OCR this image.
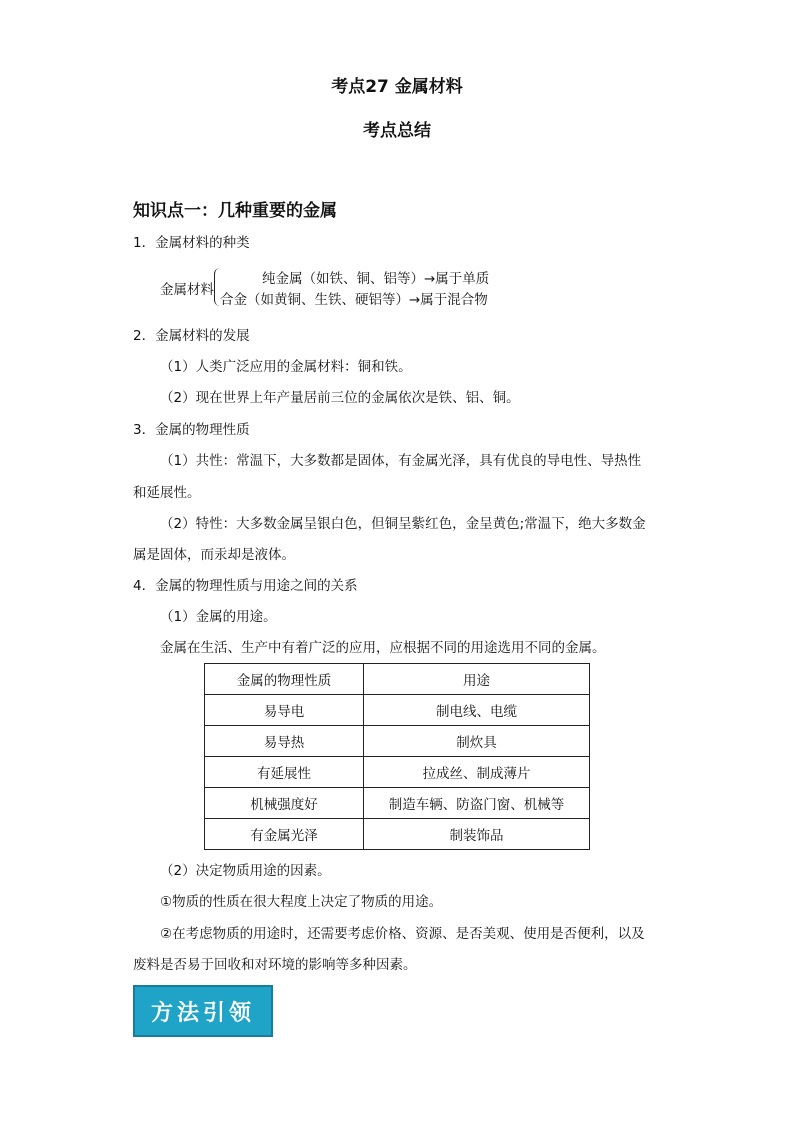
考点27 金属材料
考点总结
知识点一：几种重要的金属
1．金属材料的种类
金属材料
纯金属（如铁、铜、铝等）→属于单质
合金（如黄铜、生铁、硬铝等）→属于混合物
2．金属材料的发展
（1）人类广泛应用的金属材料：铜和铁。
（2）现在世界上年产量居前三位的金属依次是铁、铝、铜。
3．金属的物理性质
（1）共性：常温下，大多数都是固体，有金属光泽，具有优良的导电性、导热性
和延展性。
（2）特性：大多数金属呈银白色，但铜呈紫红色，金呈黄色;常温下，绝大多数金
属是固体，而汞却是液体。
4．金属的物理性质与用途之间的关系
（1）金属的用途。
金属在生活、生产中有着广泛的应用，应根据不同的用途选用不同的金属。
金属的物理性质	用途
易导电	制电线、电缆
易导热	制炊具
有延展性	拉成丝、制成薄片
机械强度好	制造车辆、防盗门窗、机械等
有金属光泽	制装饰品
（2）决定物质用途的因素。
①物质的性质在很大程度上决定了物质的用途。
②在考虑物质的用途时，还需要考虑价格、资源、是否美观、使用是否便利，以及
废料是否易于回收和对环境的影响等多种因素。
方法引领
